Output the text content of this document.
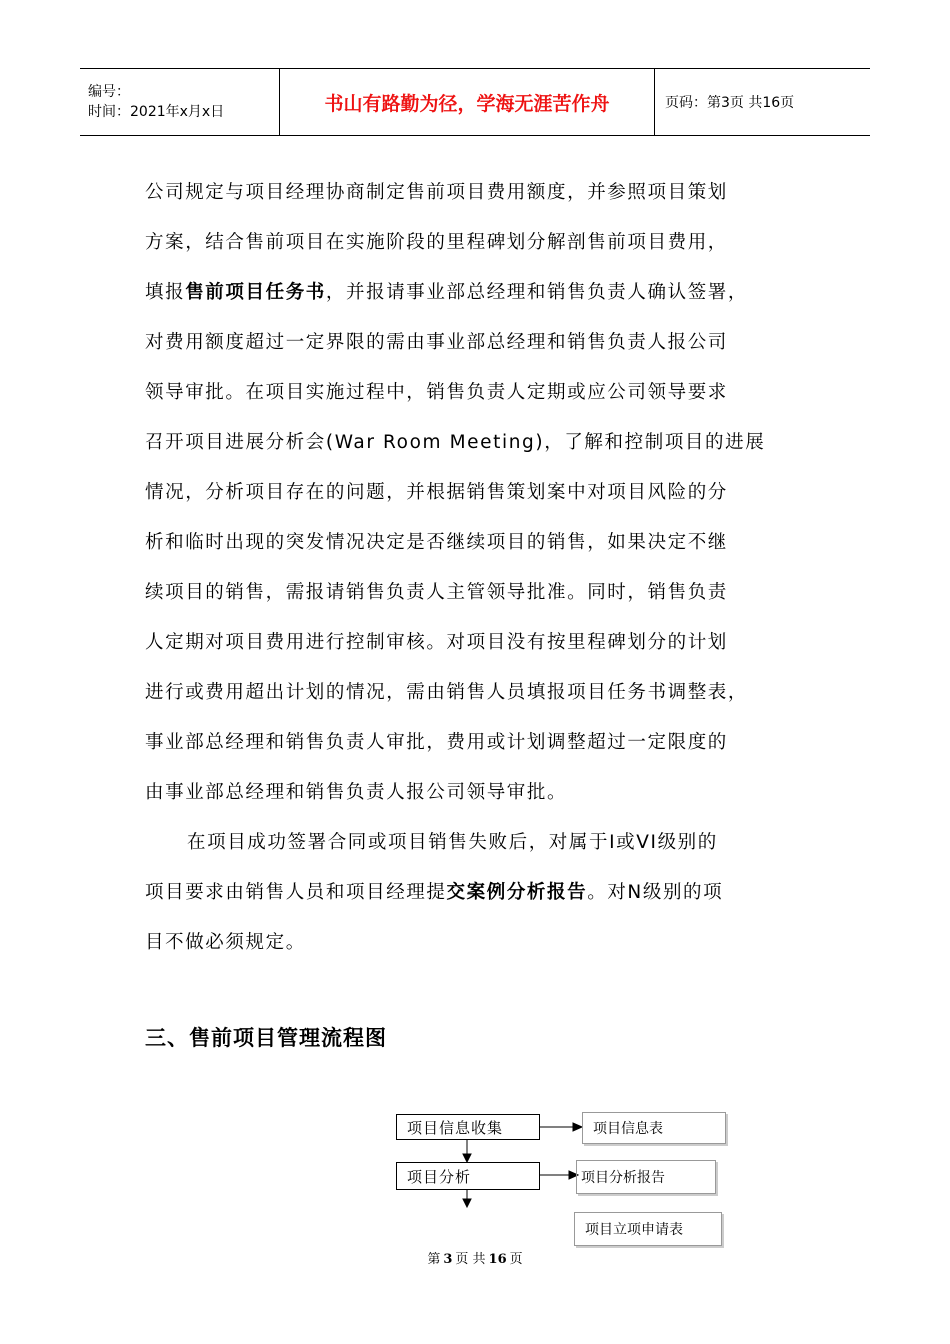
编号：
时间：2021年x月x日	书山有路勤为径，学海无涯苦作舟	页码：第3页 共16页
公司规定与项目经理协商制定售前项目费用额度，并参照项目策划
方案，结合售前项目在实施阶段的里程碑划分解剖售前项目费用，
填报售前项目任务书，并报请事业部总经理和销售负责人确认签署，
对费用额度超过一定界限的需由事业部总经理和销售负责人报公司
领导审批。在项目实施过程中，销售负责人定期或应公司领导要求
召开项目进展分析会(War Room Meeting)，了解和控制项目的进展
情况，分析项目存在的问题，并根据销售策划案中对项目风险的分
析和临时出现的突发情况决定是否继续项目的销售，如果决定不继
续项目的销售，需报请销售负责人主管领导批准。同时，销售负责
人定期对项目费用进行控制审核。对项目没有按里程碑划分的计划
进行或费用超出计划的情况，需由销售人员填报项目任务书调整表，
事业部总经理和销售负责人审批，费用或计划调整超过一定限度的
由事业部总经理和销售负责人报公司领导审批。
在项目成功签署合同或项目销售失败后，对属于I或VI级别的
项目要求由销售人员和项目经理提交案例分析报告。对N级别的项
目不做必须规定。
三、售前项目管理流程图
项目信息收集
项目分析
项目信息表
项目分析报告
项目立项申请表
第 3 页 共 16 页
